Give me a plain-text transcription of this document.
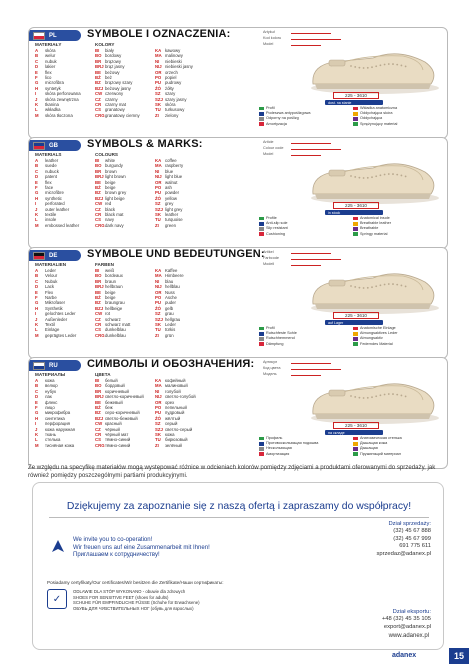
PL	SYMBOLE I OZNACZENIA:
MATERIAŁY
A	skóra
B	welur
C	nubuk
D	lakier
E	flex
F	lico
G	microfibra
H	syntetyk
I	skóra perforowana
J	skóra zewnętrzna
K	tkanina
L	wkładka
M	skóra tłoczona
KOLORY
BI	biały
BO bordowy
BR brązowy
BRJ brąz jasny
BE beżowy
BŻ beż
BZ brązowy szary
BZJ beżowy jasny
CW czerwony
CZ czarny
CR czarny mat
CS granatowy
CRG granatowy ciemny

KA kawowy
MA malinowy
NI	niebieski
NIJ niebieski jasny
OR orzech
PO popiel
PU pudrowy
ŻÓ żółty
SZ	szary
SZJ szary jasny
SK skóra
TU turkusowy
ZI	zielony
Artykuł
Kod koloru
Model
225 - 3610
dost. na stanie
Profil	Wkładka anatomiczna
Podeszwa antypoślizgowa	Oddychająca skóra
Odporny na poślizg	Oddychająca
Amortyzacja	Sprężynujący materiał
GB	SYMBOLS & MARKS:
MATERIALS
A	leather
B	suede
C	nubuck
D	patent
E	flex
F	face
G	microfibre
H	synthetic
I	perforated
J	outer leather
K	textile
L	insole
M	embossed leather
COLOURS
BI	white
BO burgundy
BR brown
BRJ light brown
BE beige
BŻ beige
BZ brown grey
BZJ light beige
CW red
CZ black
CR black mat
CS navy
CRG dark navy

KA coffee
MA raspberry
NI	blue
NIJ light blue
OR walnut
PO ash
PU powder
ŻÓ yellow
SZ	grey
SZJ light grey
SK leather
TU turquoise
ZI	green
Article
Colour code
Model
225 - 3610
in stock
Profile	Anatomical insole
Anti-slip sole	Breathable leather
Slip resistant	Breathable
Cushioning	Springy material
DE	SYMBOLE UND BEDEUTUNGEN:
MATERIALIEN
A	Leder
B	Velour
C	Nubuk
D	Lack
E	Flex
F	Narbe
G	Mikrofaser
H	Synthetik
I	gelochtes Leder
J	Außenleder
K	Textil
L	Einlage
M	geprägtes Leder
FARBEN
BI	weiß
BO bordeaux
BR braun
BRJ hellbraun
BE beige
BŻ beige
BZ braungrau
BZJ hellbeige
CW rot
CZ schwarz
CR schwarz matt
CS dunkelblau
CRG dunkelblau

KA Kaffee
MA Himbeere
NI	blau
NIJ hellblau
OR Nuss
PO Asche
PU puder
ŻÓ gelb
SZ	grau
SZJ hellgrau
SK Leder
TU türkis
ZI	grün
Artikel
Farbcode
Modell
225 - 3610
auf Lager
Profil	Anatomische Einlage
Rutschfeste Sohle	Atmungsaktives Leder
Rutschhemmend	Atmungsaktiv
Dämpfung	Federndes Material
RU	СИМВОЛЫ И ОБОЗНАЧЕНИЯ:
МАТЕРИАЛЫ
A	кожа
B	велюр
C	нубук
D	лак
E	флекс
F	лицо
G	микрофибра
H	синтетика
I	перфорация
J	кожа наружная
K	ткань
L	стелька
M	тиснёная кожа
ЦВЕТА
BI	белый
BO бордовый
BR коричневый
BRJ светло-коричневый
BE бежевый
BŻ беж
BZ серо-коричневый
BZJ светло-бежевый
CW красный
CZ чёрный
CR чёрный мат
CS тёмно-синий
CRG тёмно-синий

KA кофейный
MA малиновый
NI	голубой
NIJ светло-голубой
OR орех
PO пепельный
PU пудровый
ŻÓ жёлтый
SZ	серый
SZJ светло-серый
SK кожа
TU бирюзовый
ZI	зелёный
Артикул
Код цвета
Модель
225 - 3610
на складе
Профиль	Анатомическая стелька
Противоскользящая подошва	Дышащая кожа
Нескользящая	Дышащая
Амортизация	Пружинящий материал
Ze względu na specyfikę materiałów mogą występować różnice w odcieniach kolorów pomiędzy zdjęciami a produktami oferowanymi do sprzedaży, jak również pomiędzy poszczególnymi partiami produkcyjnymi.
Dziękujemy za zapoznanie się z naszą ofertą i zapraszamy do współpracy!
We invite you to co-operation!
Wir freuen uns auf eine Zusammenarbeit mit Ihnen!
Приглашаем к сотрудничеству!
Dział sprzedaży:
(32) 45 67 888
(32) 45 67 999
691 775 611
sprzedaz@adanex.pl
Posiadamy certyfikaty/Our certificates/Wir besitzen die Zertifikate/Наши сертификаты:
✓
ODLAWIE DLA STÓP WYKONANO - obuwie dla zdrowych
SHOES FOR SENSITIVE FEET (shoes for adults)
SCHUHE FÜR EMPFINDLICHE FÜSSE (Schuhe für Erwachsene)
ОБУВЬ ДЛЯ ЧУВСТВИТЕЛЬНЫХ НОГ (обувь для взрослых)
Dział eksportu:
+48 (32) 45 35 105
export@adanex.pl
www.adanex.pl
adanex	15
